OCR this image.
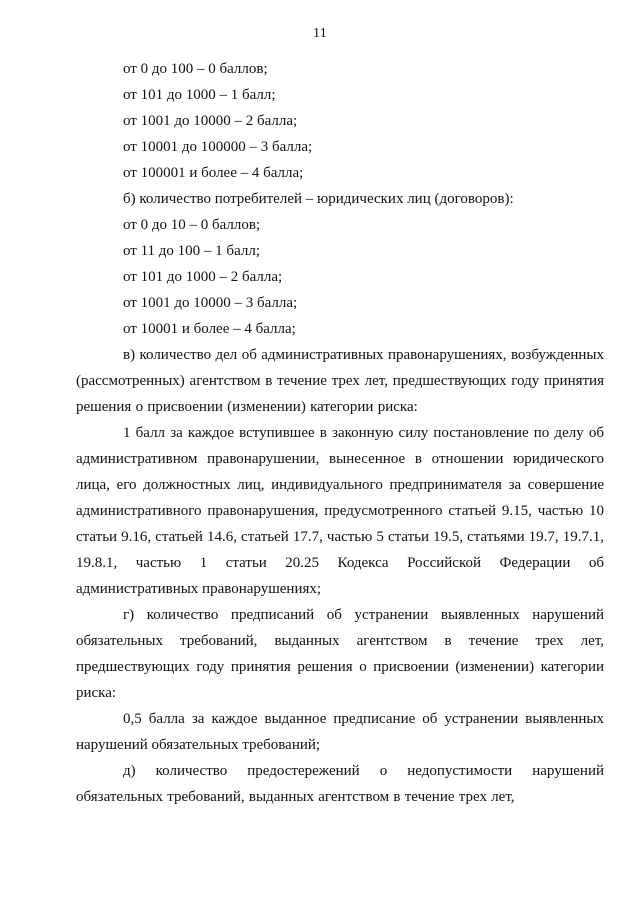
11

от 0 до 100 – 0 баллов;

от 101 до 1000 – 1 балл;

от 1001 до 10000 – 2 балла;

от 10001 до 100000 – 3 балла;

от 100001 и более – 4 балла;

б) количество потребителей – юридических лиц (договоров):

от 0 до 10 – 0 баллов;

от 11 до 100 – 1 балл;

от 101 до 1000 – 2 балла;

от 1001 до 10000 – 3 балла;

от 10001 и более – 4 балла;

в) количество дел об административных правонарушениях, возбужденных (рассмотренных) агентством в течение трех лет, предшествующих году принятия решения о присвоении (изменении) категории риска:

1 балл за каждое вступившее в законную силу постановление по делу об административном правонарушении, вынесенное в отношении юридического лица, его должностных лиц, индивидуального предпринимателя за совершение административного правонарушения, предусмотренного статьей 9.15, частью 10 статьи 9.16, статьей 14.6, статьей 17.7, частью 5 статьи 19.5, статьями 19.7, 19.7.1, 19.8.1, частью 1 статьи 20.25 Кодекса Российской Федерации об административных правонарушениях;

г) количество предписаний об устранении выявленных нарушений обязательных требований, выданных агентством в течение трех лет, предшествующих году принятия решения о присвоении (изменении) категории риска:

0,5 балла за каждое выданное предписание об устранении выявленных нарушений обязательных требований;

д) количество предостережений о недопустимости нарушений обязательных требований, выданных агентством в течение трех лет,
